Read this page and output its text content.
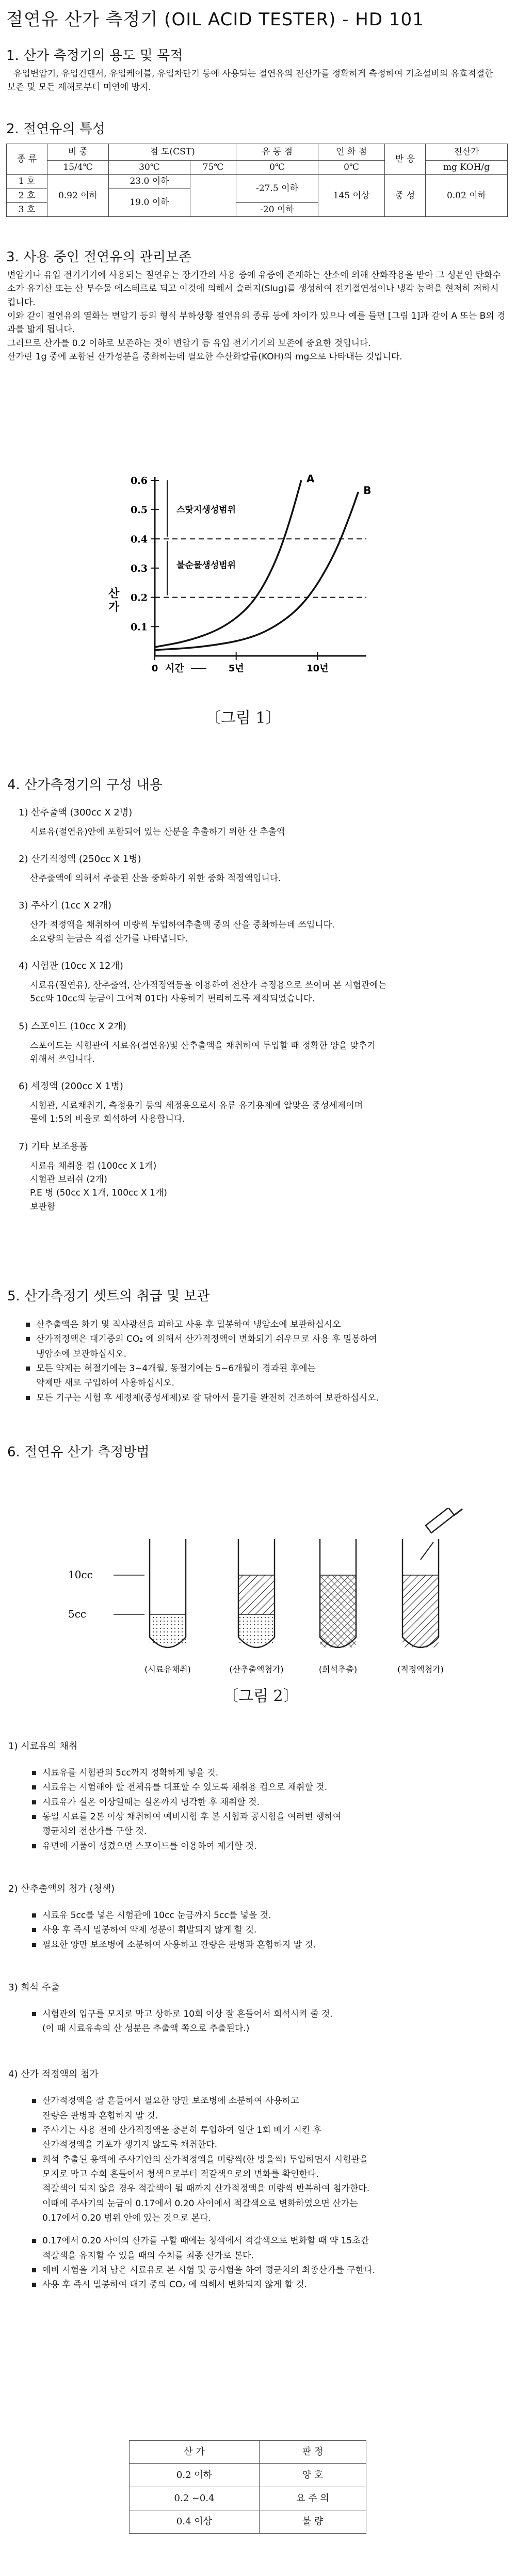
절연유 산가 측정기 (OIL ACID TESTER) - HD 101
1. 산가 측정기의 용도 및 목적

유입변압기, 유입컨덴서, 유입케이블, 유입차단기 등에 사용되는 절연유의 전산가를 정확하게 측정하여 기초설비의 유효적절한 보존 및 모든 재해로부터 미연에 방지.

2. 절연유의 특성
종 류	비 중	점 도(CST)		유 동 점	인 화 점	반 응	전산가
	15/4℃	30℃	75℃	0℃	0℃		mg KOH/g
1 호	0.92 이하	23.0 이하		-27.5 이하	145 이상	중 성	0.02 이하
2 호		19.0 이하					
3 호				-20 이하			
3. 사용 중인 절연유의 관리보존

변압기나 유입 전기기기에 사용되는 절연유는 장기간의 사용 중에 유중에 존재하는 산소에 의해 산화작용을 받아 그 성분인 탄화수소가 유기산 또는 산 부수물 에스테르로 되고 이것에 의해서 슬러지(Slug)를 생성하여 전기절연성이나 냉각 능력을 현저히 저하시킵니다.

이와 같이 절연유의 열화는 변압기 등의 형식 부하상황 절연유의 종류 등에 차이가 있으나 예를 들면 [그림 1]과 같이 A 또는 B의 경과를 밟게 됩니다.

그러므로 산가를 0.2 이하로 보존하는 것이 변압기 등 유입 전기기기의 보존에 중요한 것입니다.

산가란 1g 중에 포함된 산가성분을 중화하는데 필요한 수산화칼륨(KOH)의 mg으로 나타내는 것입니다.

0.1
0.2
0.3
0.4
0.5
0.6
0	5년	10년
스랏지생성범위
불순물생성범위
A
B
산
가
시간
〔그림 1〕
4. 산가측정기의 구성 내용
1) 산추출액 (300cc X 2병)
시료유(절연유)안에 포함되어 있는 산분을 추출하기 위한 산 추출액
2) 산가적정액 (250cc X 1병)
산추출액에 의해서 추출된 산을 중화하기 위한 중화 적정액입니다.
3) 주사기 (1cc X 2개)
산가 적정액을 채취하여 미량씩 투입하여추출액 중의 산을 중화하는데 쓰입니다.
소요량의 눈금은 직접 산가를 나타냅니다.
4) 시험관 (10cc X 12개)
시료유(절연유), 산추출액, 산가적정액등을 이용하여 전산가 측정용으로 쓰이며 본 시험관에는
5cc와 10cc의 눈금이 그어져 01다) 사용하기 편리하도록 제작되었습니다.
5) 스포이드 (10cc X 2개)
스포이드는 시험관에 시료유(절연유)및 산추출액을 채취하여 투입할 때 정확한 양을 맞추기
위해서 쓰입니다.
6) 세정액 (200cc X 1병)
시험관, 시료채취기, 측정용기 등의 세정용으로서 유류 유기용제에 알맞은 중성세제이며
물에 1:5의 비율로 희석하여 사용합니다.
7) 기타 보조용품
시료유 채취용 컵 (100cc X 1개)
시험관 브러쉬 (2개)
P.E 병 (50cc X 1개, 100cc X 1개)
보관함
5. 산가측정기 셋트의 취급 및 보관
산추출액은 화기 및 직사광선을 피하고 사용 후 밀봉하여 냉암소에 보관하십시오
산가적정액은 대기중의 CO₂ 에 의해서 산가적정액이 변화되기 쉬우므로 사용 후 밀봉하여
냉암소에 보관하십시오.
모든 약제는 허절기에는 3~4개월, 동절기에는 5~6개월이 경과된 후에는
약제만 새로 구입하여 사용하십시오.
모든 기구는 시험 후 세정제(중성세제)로 잘 닦아서 물기를 완전히 건조하여 보관하십시오.
6. 절연유 산가 측정방법
10cc
5cc
(시료유채취)	(산추출액첨가)	(희석추출)	(적정액첨가)
〔그림 2〕
1) 시료유의 채취
시료유를 시험관의 5cc까지 정확하게 넣을 것.
시료유는 시험해야 할 전체유를 대표할 수 있도록 채취용 컵으로 채취할 것.
시료유가 실온 이상일때는 실온까지 냉각한 후 채취할 것.
동일 시료를 2본 이상 채취하여 예비시험 후 본 시험과 공시험을 여러번 행하여
평균치의 전산가를 구할 것.
유면에 거품이 생겼으면 스포이드를 이용하여 제거할 것.
2) 산추출액의 첨가 (청색)
시료유 5cc를 넣은 시험관에 10cc 눈금까지 5cc를 넣을 것.
사용 후 즉시 밀봉하여 약제 성분이 휘발되지 않게 할 것.
필요한 양만 보조병에 소분하여 사용하고 잔량은 관병과 혼합하지 말 것.
3) 희석 추출
시험관의 입구를 모지로 막고 상하로 10회 이상 잘 흔들어서 희석시켜 줄 것.
(이 때 시료유속의 산 성분은 추출액 쪽으로 추출된다.)
4) 산가 적정액의 첨가
산가적정액을 잘 흔들어서 필요한 양만 보조병에 소분하여 사용하고
잔량은 관병과 혼합하지 말 것.
주사기는 사용 전에 산가적정액을 충분히 투입하여 일단 1회 배기 시킨 후
산가적정액을 기포가 생기지 않도록 채취한다.
희석 추출된 용액에 주사기안의 산가적정액을 미량씩(한 방울씩) 투입하면서 시험관을
모지로 막고 수회 흔들어서 청색으로부터 적갈색으로의 변화를 확인한다.
적갈색이 되지 않을 경우 적갈색이 될 때까지 산가적정액을 미량씩 반복하여 첨가한다.
이때에 주사기의 눈금이 0.17에서 0.20 사이에서 적갈색으로 변화하였으면 산가는
0.17에서 0.20 범위 안에 있는 것으로 본다.
0.17에서 0.20 사이의 산가를 구할 때에는 청색에서 적갈색으로 변화할 때 약 15초간
적갈색을 유지할 수 있을 때의 수치를 최종 산가로 본다.
예비 시험을 거쳐 남은 시료유로 본 시험 및 공시험을 하여 평균치의 최종산가를 구한다.
사용 후 즉시 밀봉하여 대기 중의 CO₂ 에 의해서 변화되지 않게 할 것.
산 가	판 정
0.2 이하	양 호
0.2 ~0.4	요 주 의
0.4 이상	불 량
